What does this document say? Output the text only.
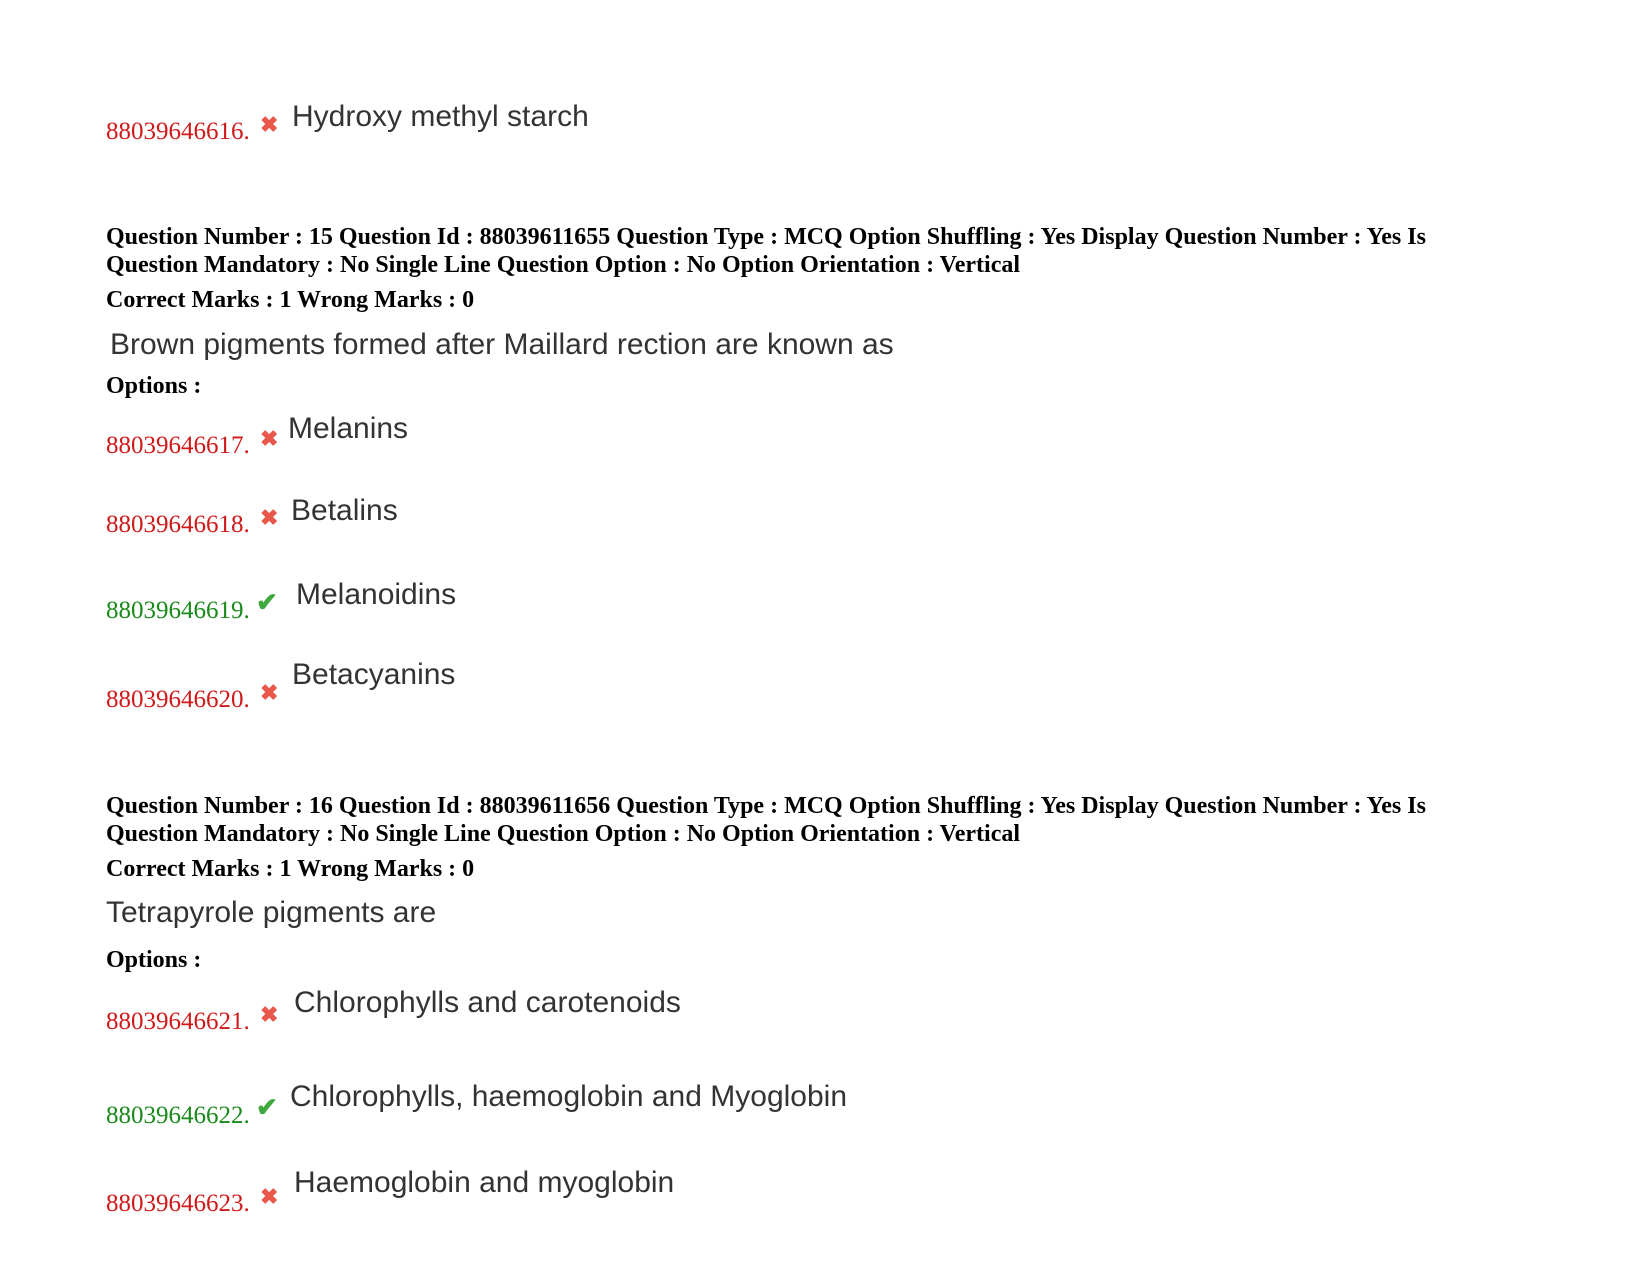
88039646616. ✖ Hydroxy methyl starch
Question Number : 15 Question Id : 88039611655 Question Type : MCQ Option Shuffling : Yes Display Question Number : Yes Is
Question Mandatory : No Single Line Question Option : No Option Orientation : Vertical
Correct Marks : 1 Wrong Marks : 0
Brown pigments formed after Maillard rection are known as
Options :
88039646617. ✖ Melanins
88039646618. ✖ Betalins
88039646619. ✔ Melanoidins
88039646620. ✖
Betacyanins
Question Number : 16 Question Id : 88039611656 Question Type : MCQ Option Shuffling : Yes Display Question Number : Yes Is
Question Mandatory : No Single Line Question Option : No Option Orientation : Vertical
Correct Marks : 1 Wrong Marks : 0
Tetrapyrole pigments are
Options :
88039646621. ✖ Chlorophylls and carotenoids
88039646622. ✔ Chlorophylls, haemoglobin and Myoglobin
88039646623. ✖ Haemoglobin and myoglobin
